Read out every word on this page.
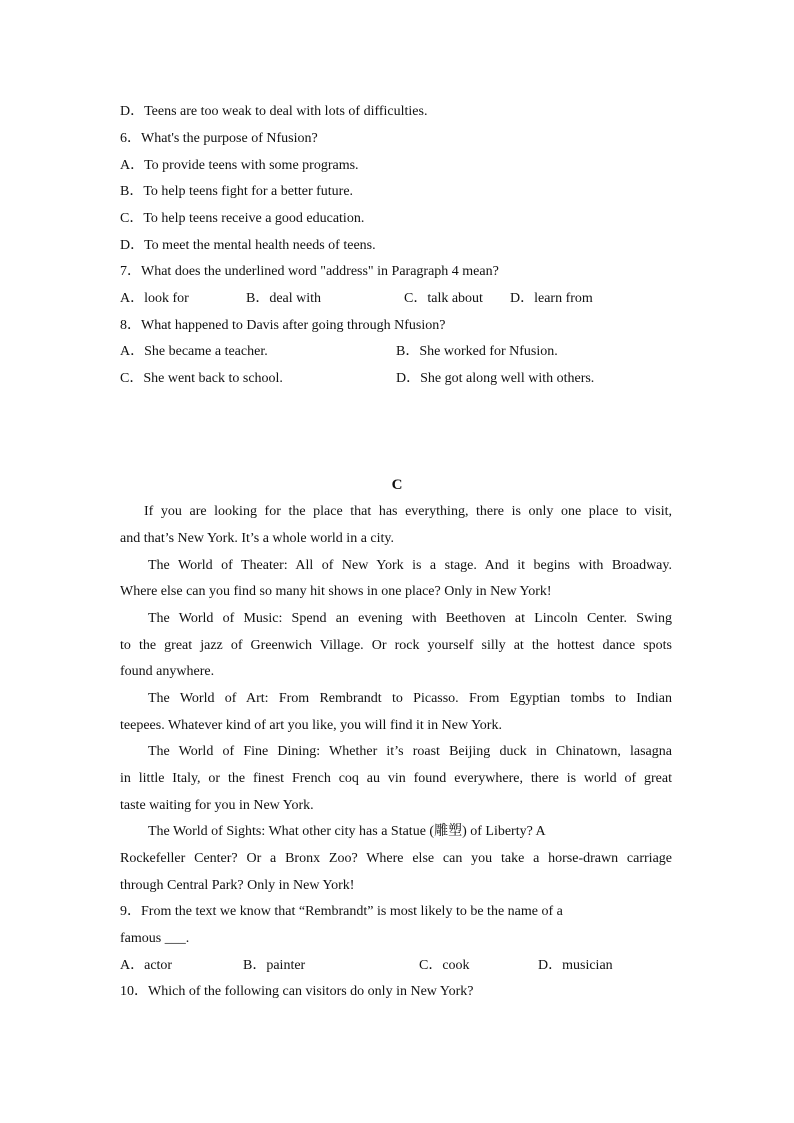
D．Teens are too weak to deal with lots of difficulties.
6．What's the purpose of Nfusion?
A．To provide teens with some programs.
B．To help teens fight for a better future.
C．To help teens receive a good education.
D．To meet the mental health needs of teens.
7．What does the underlined word "address" in Paragraph 4 mean?
A．look for	B．deal with	C．talk about D．learn from
8．What happened to Davis after going through Nfusion?
A．She became a teacher.	B．She worked for Nfusion.
C．She went back to school.	D．She got along well with others.
C
If you are looking for the place that has everything, there is only one place to visit,
and that’s New York. It’s a whole world in a city.
The World of Theater: All of New York is a stage. And it begins with Broadway.
Where else can you find so many hit shows in one place? Only in New York!
The World of Music: Spend an evening with Beethoven at Lincoln Center. Swing
to the great jazz of Greenwich Village. Or rock yourself silly at the hottest dance spots
found anywhere.
The World of Art: From Rembrandt to Picasso. From Egyptian tombs to Indian
teepees. Whatever kind of art you like, you will find it in New York.
The World of Fine Dining: Whether it’s roast Beijing duck in Chinatown, lasagna
in little Italy, or the finest French coq au vin found everywhere, there is world of great
taste waiting for you in New York.
The World of Sights: What other city has a Statue (雕塑) of Liberty? A
Rockefeller Center? Or a Bronx Zoo? Where else can you take a horse-drawn carriage
through Central Park? Only in New York!
9．From the text we know that “Rembrandt” is most likely to be the name of a
famous ___.
A．actor	B．painter	C．cook	D．musician
10．Which of the following can visitors do only in New York?
